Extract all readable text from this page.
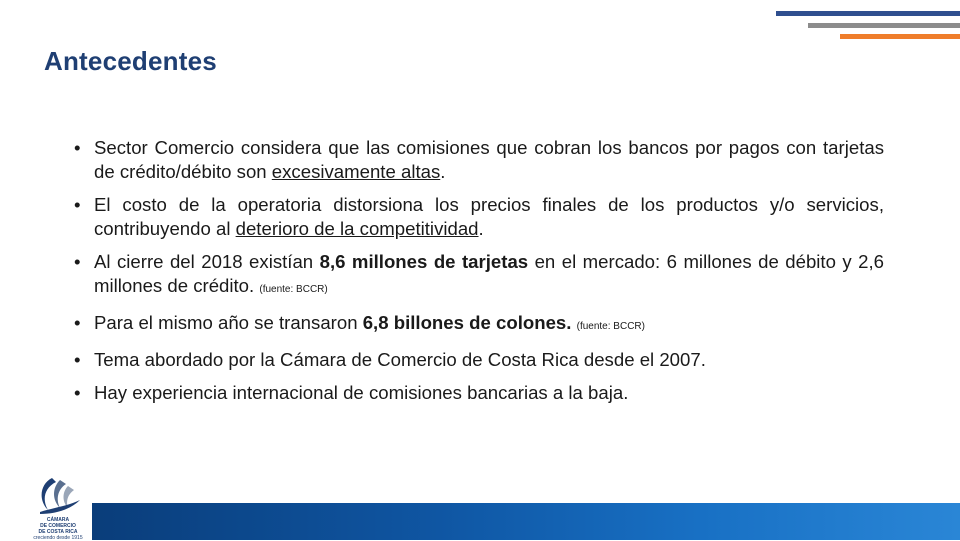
Antecedentes
• Sector Comercio considera que las comisiones que cobran los bancos por pagos con tarjetas de crédito/débito son excesivamente altas.
• El costo de la operatoria distorsiona los precios finales de los productos y/o servicios, contribuyendo al deterioro de la competitividad.
• Al cierre del 2018 existían 8,6 millones de tarjetas en el mercado: 6 millones de débito y 2,6 millones de crédito. (fuente: BCCR)
• Para el mismo año se transaron 6,8 billones de colones. (fuente: BCCR)
• Tema abordado por la Cámara de Comercio de Costa Rica desde el 2007.
• Hay experiencia internacional de comisiones bancarias a la baja.
CÁMARA
DE COMERCIO
DE COSTA RICA
creciendo desde 1915
